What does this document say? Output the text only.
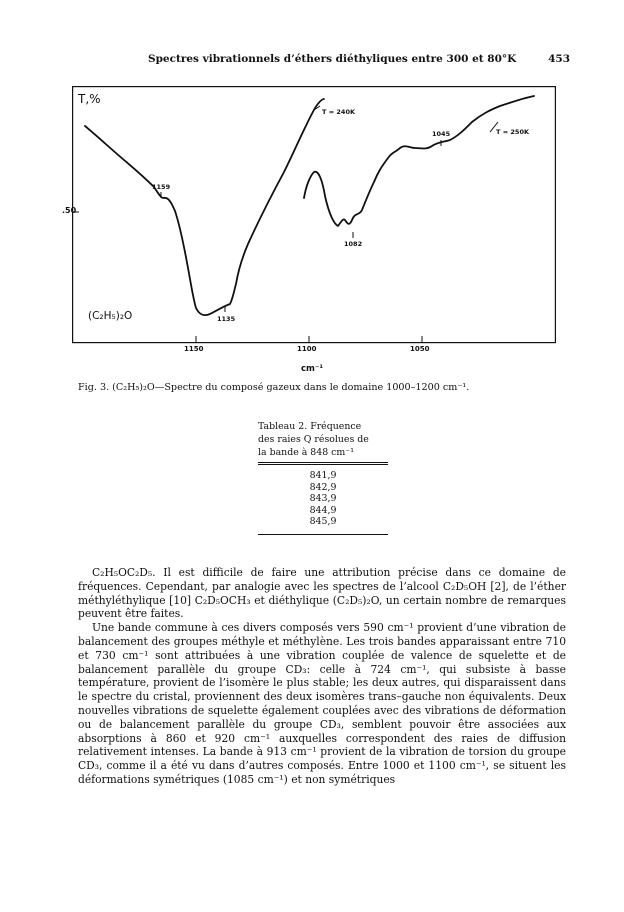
Spectres vibrationnels d’éthers diéthyliques entre 300 et 80°K	453
T,%
.50
(C₂H₅)₂O
1159
1135
1082
1045
T = 240K
T = 250K
1150	1100	1050
cm⁻¹
Fig. 3. (C₂H₅)₂O—Spectre du composé gazeux dans le domaine 1000–1200 cm⁻¹.
Tableau 2. Fréquence
des raies Q résolues de
la bande à 848 cm⁻¹
841,9
842,9
843,9
844,9
845,9

C₂H₅OC₂D₅. Il est difficile de faire une attribution précise dans ce domaine de fréquences. Cependant, par analogie avec les spectres de l’alcool C₂D₅OH [2], de l’éther méthyléthylique [10] C₂D₅OCH₃ et diéthylique (C₂D₅)₂O, un certain nombre de remarques peuvent être faites.

Une bande commune à ces divers composés vers 590 cm⁻¹ provient d’une vibration de balancement des groupes méthyle et méthylène. Les trois bandes apparaissant entre 710 et 730 cm⁻¹ sont attribuées à une vibration couplée de valence de squelette et de balancement parallèle du groupe CD₃: celle à 724 cm⁻¹, qui subsiste à basse température, provient de l’isomère le plus stable; les deux autres, qui disparaissent dans le spectre du cristal, proviennent des deux isomères trans–gauche non équivalents. Deux nouvelles vibrations de squelette également couplées avec des vibrations de déformation ou de balancement parallèle du groupe CD₃, semblent pouvoir être associées aux absorptions à 860 et 920 cm⁻¹ auxquelles correspondent des raies de diffusion relativement intenses. La bande à 913 cm⁻¹ provient de la vibration de torsion du groupe CD₃, comme il a été vu dans d’autres composés. Entre 1000 et 1100 cm⁻¹, se situent les déformations symétriques (1085 cm⁻¹) et non symétriques
